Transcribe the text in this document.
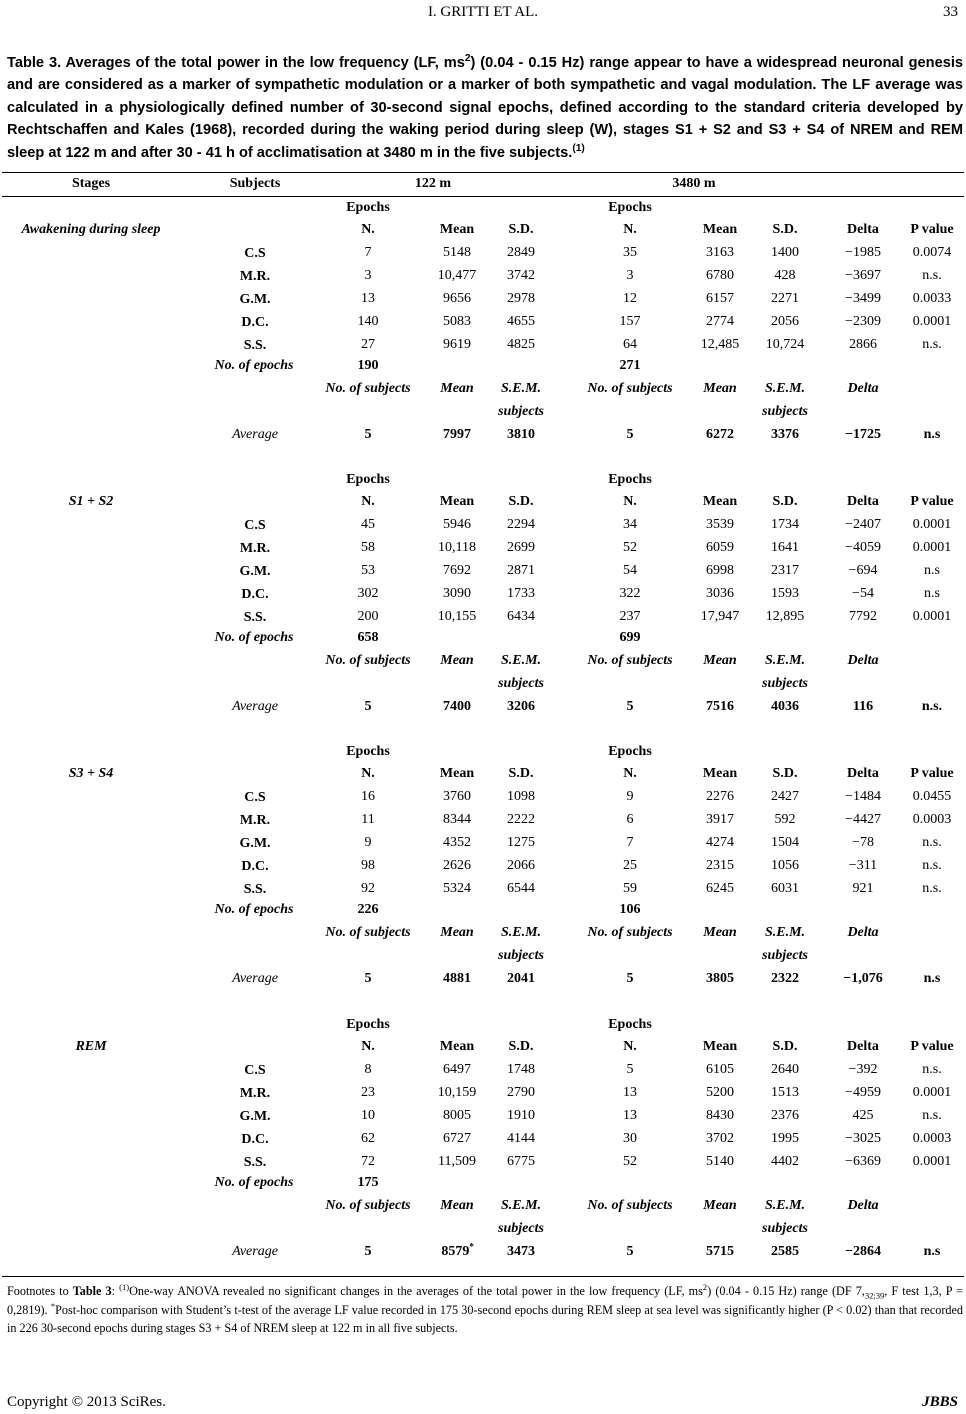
I. GRITTI ET AL.	33
Table 3. Averages of the total power in the low frequency (LF, $ms^2$) (0.04 - 0.15 Hz) range appear to have a widespread neuronal genesis and are considered as a marker of sympathetic modulation or a marker of both sympathetic and vagal modulation. The LF average was calculated in a physiologically defined number of 30-second signal epochs, defined according to the standard criteria developed by Rechtschaffen and Kales (1968), recorded during the waking period during sleep (W), stages S1 + S2 and S3 + S4 of NREM and REM sleep at 122 m and after 30 - 41 h of acclimatisation at 3480 m in the five subjects.$^{(1)}$
Stages	Subjects	122 m	3480 m
Epochs	Epochs
Awakening during sleep	N.	Mean S.D.	N.	Mean	S.D.	Delta P value
C.S	7	5148	2849	35	3163	1400	−1985 0.0074
M.R.	3	10,477 3742	3	6780	428	−3697	n.s.
G.M.	13	9656	2978	12	6157	2271	−3499 0.0033
D.C.	140	5083	4655	157	2774	2056	−2309 0.0001
S.S.	27	9619	4825	64	12,485 10,724	2866	n.s.
No. of epochs	190	271
No. of subjects Mean S.E.M.	No. of subjects Mean S.E.M.	Delta
subjects	subjects
Average	5	7997	3810	5	6272	3376	−1725	n.s
Epochs	Epochs
S1 + S2	N.	Mean S.D.	N.	Mean	S.D.	Delta P value
C.S	45	5946	2294	34	3539	1734	−2407 0.0001
M.R.	58	10,118 2699	52	6059	1641	−4059 0.0001
G.M.	53	7692	2871	54	6998	2317	−694	n.s
D.C.	302	3090	1733	322	3036	1593	−54	n.s
S.S.	200	10,155 6434	237	17,947 12,895	7792	0.0001
No. of epochs	658	699
No. of subjects Mean S.E.M.	No. of subjects Mean S.E.M.	Delta
subjects	subjects
Average	5	7400	3206	5	7516	4036	116	n.s.
Epochs	Epochs
S3 + S4	N.	Mean S.D.	N.	Mean	S.D.	Delta P value
C.S	16	3760	1098	9	2276	2427	−1484 0.0455
M.R.	11	8344	2222	6	3917	592	−4427 0.0003
G.M.	9	4352	1275	7	4274	1504	−78	n.s.
D.C.	98	2626	2066	25	2315	1056	−311	n.s.
S.S.	92	5324	6544	59	6245	6031	921	n.s.
No. of epochs	226	106
No. of subjects Mean S.E.M.	No. of subjects Mean S.E.M.	Delta
subjects	subjects
Average	5	4881	2041	5	3805	2322	−1,076	n.s
Epochs	Epochs
REM	N.	Mean S.D.	N.	Mean	S.D.	Delta P value
C.S	8	6497	1748	5	6105	2640	−392	n.s.
M.R.	23	10,159 2790	13	5200	1513	−4959 0.0001
G.M.	10	8005	1910	13	8430	2376	425	n.s.
D.C.	62	6727	4144	30	3702	1995	−3025 0.0003
S.S.	72	11,509 6775	52	5140	4402	−6369 0.0001
No. of epochs	175
No. of subjects Mean S.E.M.	No. of subjects Mean S.E.M.	Delta
subjects	subjects
Average	5	8579* 3473	5	5715	2585	−2864	n.s
Footnotes to Table 3: $^{(1)}$One-way ANOVA revealed no significant changes in the averages of the total power in the low frequency (LF, $ms^2$) (0.04 - 0.15 Hz) range (DF $7,_{32;39}$, F test 1,3, P = 0,2819). *Post-hoc comparison with Student’s t-test of the average LF value recorded in 175 30-second epochs during REM sleep at sea level was significantly higher (P < 0.02) than that recorded in 226 30-second epochs during stages S3 + S4 of NREM sleep at 122 m in all five subjects.
Copyright © 2013 SciRes.	JBBS
